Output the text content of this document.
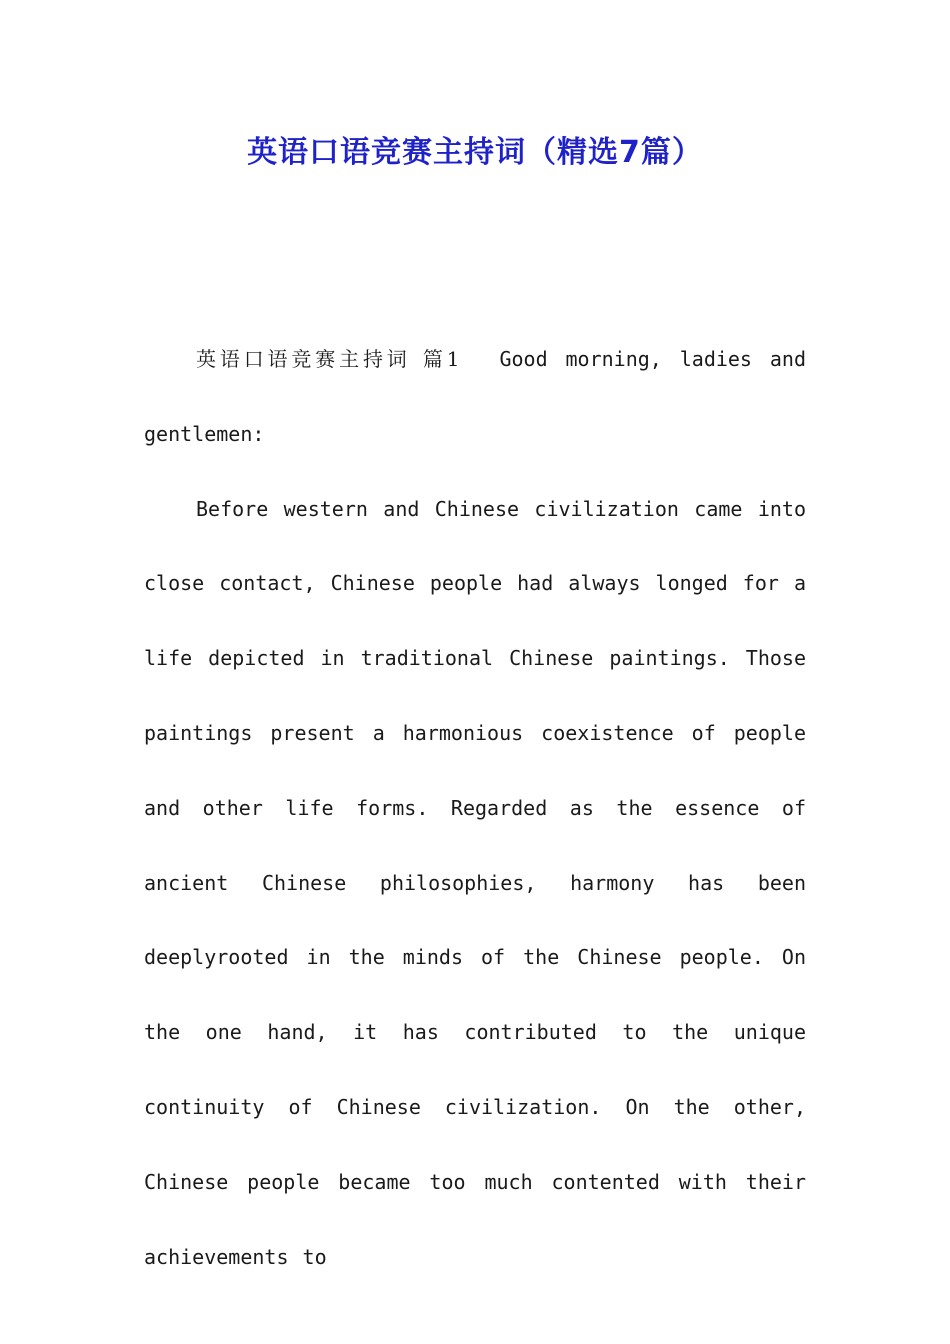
英语口语竞赛主持词（精选7篇）

英语口语竞赛主持词 篇1 Good morning, ladies and gentlemen:

Before western and Chinese civilization came into close contact, Chinese people had always longed for a life depicted in traditional Chinese paintings. Those paintings present a harmonious coexistence of people and other life forms. Regarded as the essence of ancient Chinese philosophies, harmony has been deeplyrooted in the minds of the Chinese people. On the one hand, it has contributed to the unique continuity of Chinese civilization. On the other, Chinese people became too much contented with their achievements to
